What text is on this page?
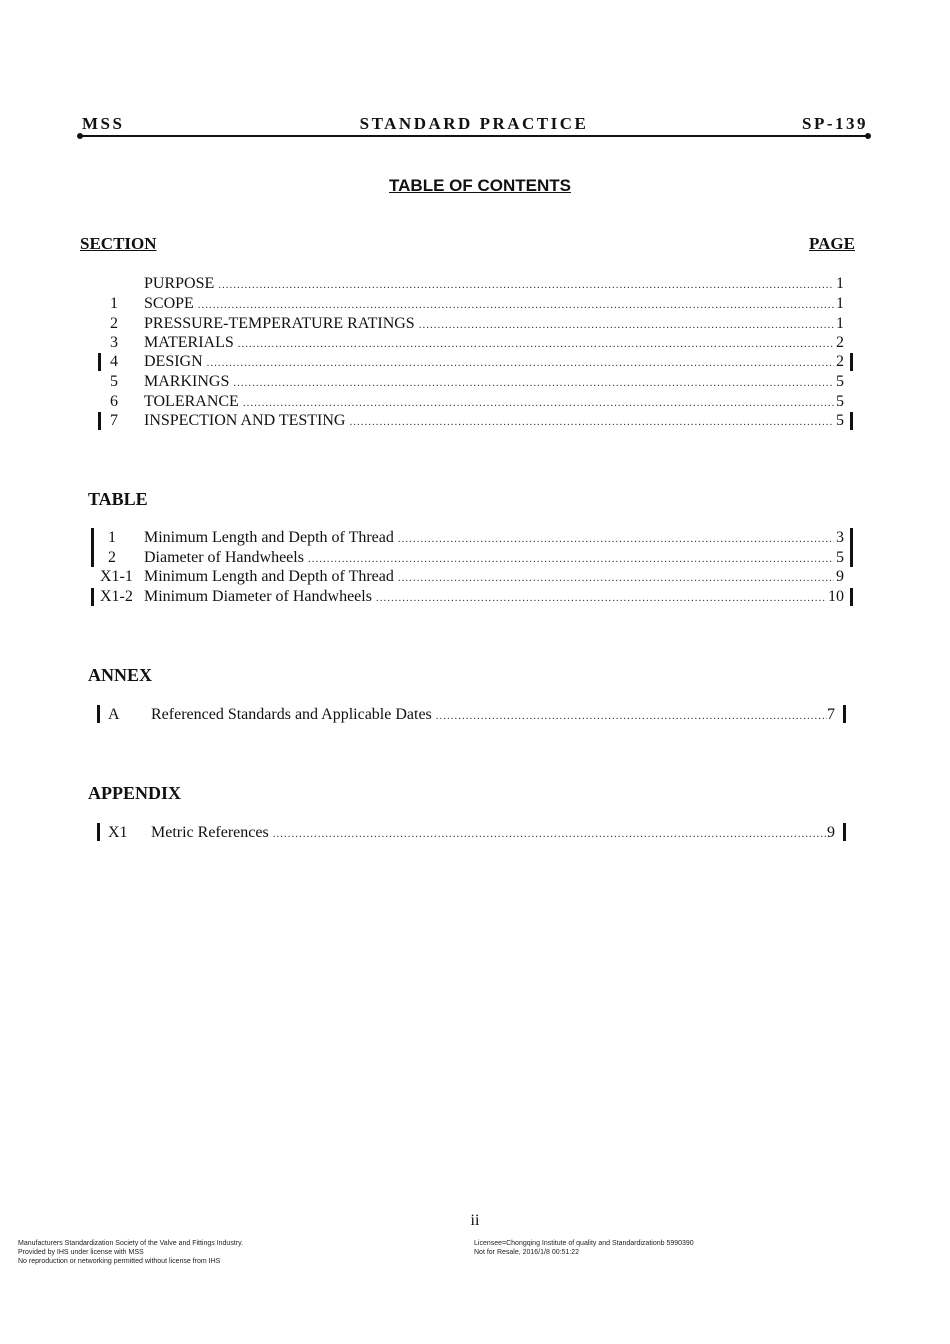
MSS	STANDARD PRACTICE	SP-139
TABLE OF CONTENTS
SECTION	PAGE
PURPOSE .....	1
1	SCOPE .....	1
2	PRESSURE-TEMPERATURE RATINGS .....	1
3	MATERIALS .....	2
4	DESIGN .....	2
5	MARKINGS .....	5
6	TOLERANCE .....	5
7	INSPECTION AND TESTING .....	5
TABLE
1	Minimum Length and Depth of Thread .....	3
2	Diameter of Handwheels .....	5
X1-1 Minimum Length and Depth of Thread .....	9
X1-2 Minimum Diameter of Handwheels .....	10
ANNEX
A	Referenced Standards and Applicable Dates .....	7
APPENDIX
X1	Metric References .....	9
ii
Manufacturers Standardization Society of the Valve and Fittings Industry.
Provided by IHS under license with MSS
No reproduction or networking permitted without license from IHS
Licensee=Chongqing Institute of quality and Standardizationb 5990390
Not for Resale, 2016/1/8 00:51:22
